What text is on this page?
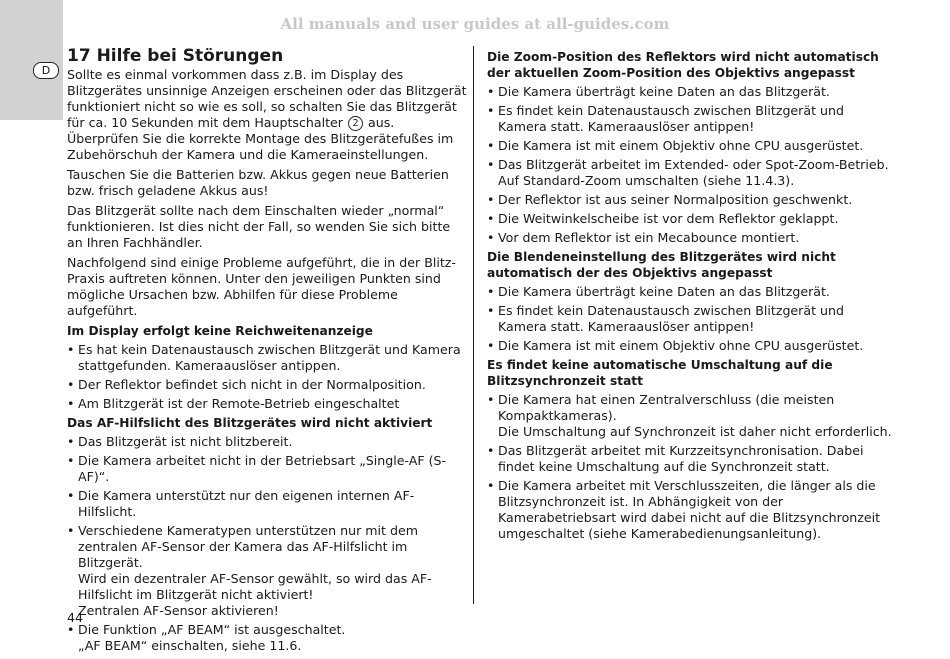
D
All manuals and user guides at all-guides.com
17 Hilfe bei Störungen

Sollte es einmal vorkommen dass z.B. im Display des Blitzgerätes unsinnige Anzeigen erscheinen oder das Blitzgerät funktioniert nicht so wie es soll, so schalten Sie das Blitzgerät für ca. 10 Sekunden mit dem Hauptschalter 2 aus. Überprüfen Sie die korrekte Montage des Blitzgerätefußes im Zubehörschuh der Kamera und die Kameraeinstellungen.

Tauschen Sie die Batterien bzw. Akkus gegen neue Batterien bzw. frisch geladene Akkus aus!

Das Blitzgerät sollte nach dem Einschalten wieder „normal“ funktionieren. Ist dies nicht der Fall, so wenden Sie sich bitte an Ihren Fachhändler.

Nachfolgend sind einige Probleme aufgeführt, die in der Blitz-Praxis auftreten können. Unter den jeweiligen Punkten sind mögliche Ursachen bzw. Abhilfen für diese Probleme aufgeführt.

Im Display erfolgt keine Reichweitenanzeige
• Es hat kein Datenaustausch zwischen Blitzgerät und Kamera stattgefunden. Kameraauslöser antippen.
• Der Reflektor befindet sich nicht in der Normalposition.
• Am Blitzgerät ist der Remote-Betrieb eingeschaltet
Das AF-Hilfslicht des Blitzgerätes wird nicht aktiviert
• Das Blitzgerät ist nicht blitzbereit.
• Die Kamera arbeitet nicht in der Betriebsart „Single-AF (S-AF)“.
• Die Kamera unterstützt nur den eigenen internen AF-Hilfslicht.
• Verschiedene Kameratypen unterstützen nur mit dem zentralen AF-Sensor der Kamera das AF-Hilfslicht im Blitzgerät.
Wird ein dezentraler AF-Sensor gewählt, so wird das AF-Hilfslicht im Blitzgerät nicht aktiviert!
Zentralen AF-Sensor aktivieren!
• Die Funktion „AF BEAM“ ist ausgeschaltet.
„AF BEAM“ einschalten, siehe 11.6.
Die Zoom-Position des Reflektors wird nicht automatisch der aktuellen Zoom-Position des Objektivs angepasst
• Die Kamera überträgt keine Daten an das Blitzgerät.
• Es findet kein Datenaustausch zwischen Blitzgerät und Kamera statt. Kameraauslöser antippen!
• Die Kamera ist mit einem Objektiv ohne CPU ausgerüstet.
• Das Blitzgerät arbeitet im Extended- oder Spot-Zoom-Betrieb. Auf Standard-Zoom umschalten (siehe 11.4.3).
• Der Reflektor ist aus seiner Normalposition geschwenkt.
• Die Weitwinkelscheibe ist vor dem Reflektor geklappt.
• Vor dem Reflektor ist ein Mecabounce montiert.
Die Blendeneinstellung des Blitzgerätes wird nicht automatisch der des Objektivs angepasst
• Die Kamera überträgt keine Daten an das Blitzgerät.
• Es findet kein Datenaustausch zwischen Blitzgerät und Kamera statt. Kameraauslöser antippen!
• Die Kamera ist mit einem Objektiv ohne CPU ausgerüstet.
Es findet keine automatische Umschaltung auf die Blitzsynchronzeit statt
• Die Kamera hat einen Zentralverschluss (die meisten Kompaktkameras).
Die Umschaltung auf Synchronzeit ist daher nicht erforderlich.
• Das Blitzgerät arbeitet mit Kurzzeitsynchronisation. Dabei findet keine Umschaltung auf die Synchronzeit statt.
• Die Kamera arbeitet mit Verschlusszeiten, die länger als die Blitzsynchronzeit ist. In Abhängigkeit von der Kamerabetriebsart wird dabei nicht auf die Blitzsynchronzeit umgeschaltet (siehe Kamerabedienungsanleitung).
44
